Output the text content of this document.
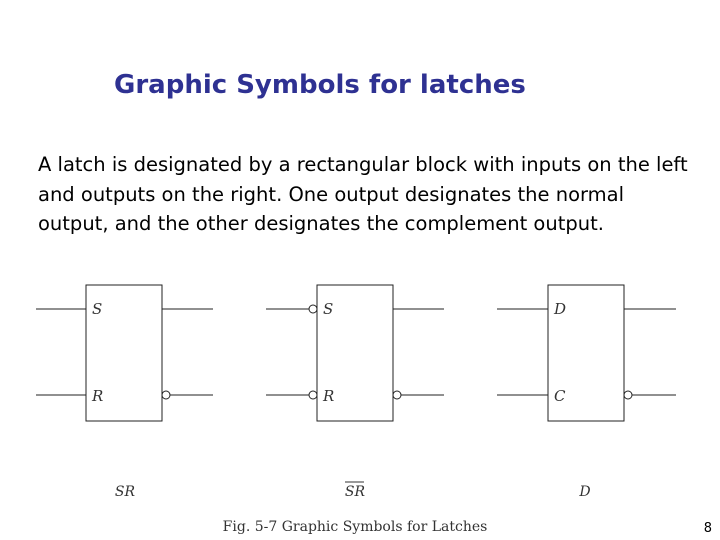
Graphic Symbols for latches
A latch is designated by a rectangular block with inputs on the left and outputs on the right. One output designates the normal output, and the other designates the complement output.
S
R
SR
S
R
SR
D
C
D
Fig. 5-7 Graphic Symbols for Latches	8
